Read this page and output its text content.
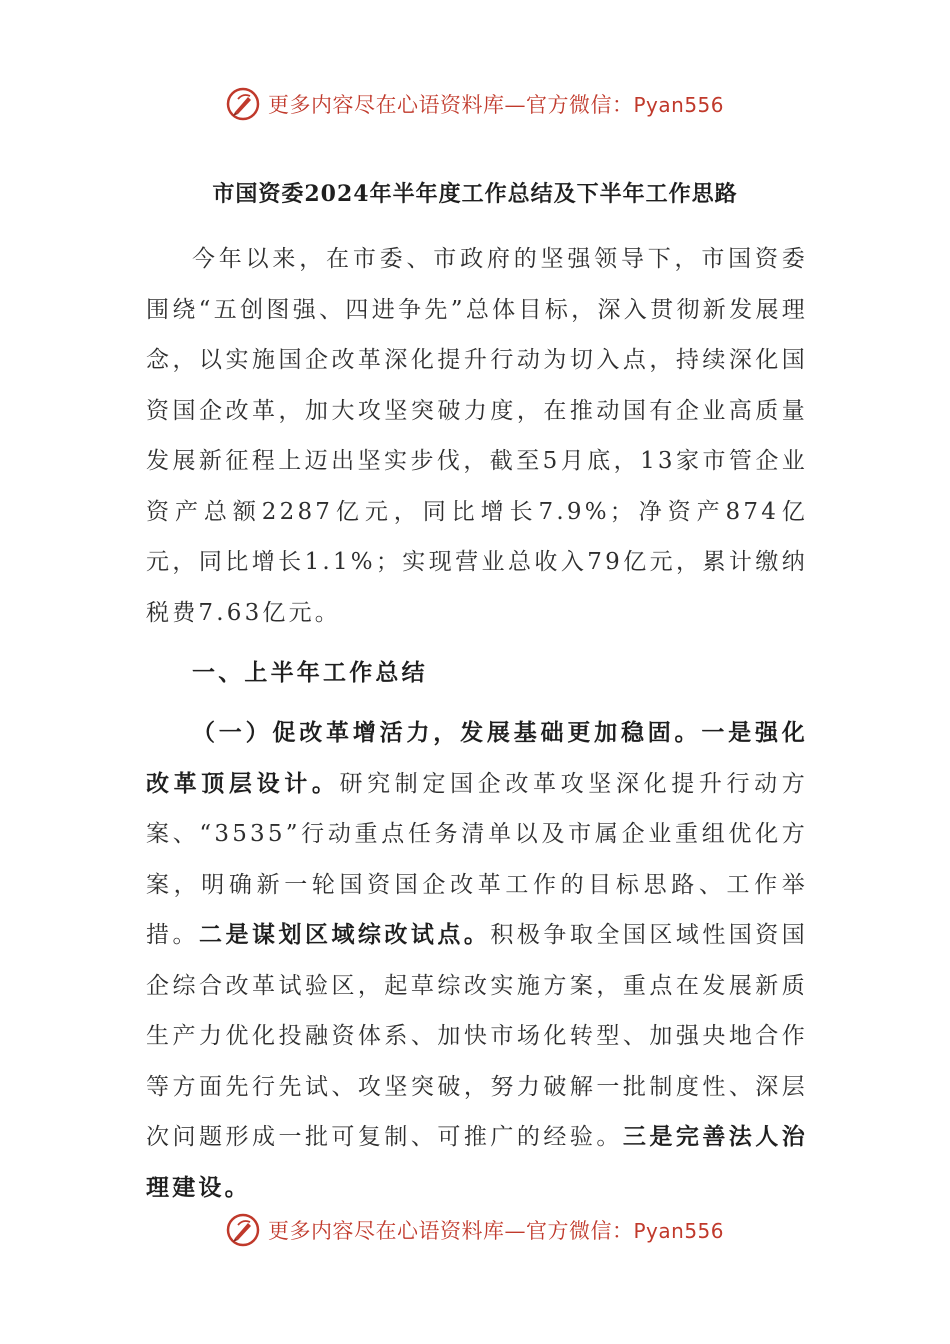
更多内容尽在心语资料库—官方微信：Pyan556
市国资委2024年半年度工作总结及下半年工作思路

今年以来，在市委、市政府的坚强领导下，市国资委围绕“五创图强、四进争先”总体目标，深入贯彻新发展理念，以实施国企改革深化提升行动为切入点，持续深化国资国企改革，加大攻坚突破力度，在推动国有企业高质量发展新征程上迈出坚实步伐，截至5月底，13家市管企业资产总额2287亿元，同比增长7.9%；净资产874亿元，同比增长1.1%；实现营业总收入79亿元，累计缴纳税费7.63亿元。

一、上半年工作总结

（一）促改革增活力，发展基础更加稳固。一是强化改革顶层设计。研究制定国企改革攻坚深化提升行动方案、“3535”行动重点任务清单以及市属企业重组优化方案，明确新一轮国资国企改革工作的目标思路、工作举措。二是谋划区域综改试点。积极争取全国区域性国资国企综合改革试验区，起草综改实施方案，重点在发展新质生产力优化投融资体系、加快市场化转型、加强央地合作等方面先行先试、攻坚突破，努力破解一批制度性、深层次问题形成一批可复制、可推广的经验。三是完善法人治理建设。

更多内容尽在心语资料库—官方微信：Pyan556
